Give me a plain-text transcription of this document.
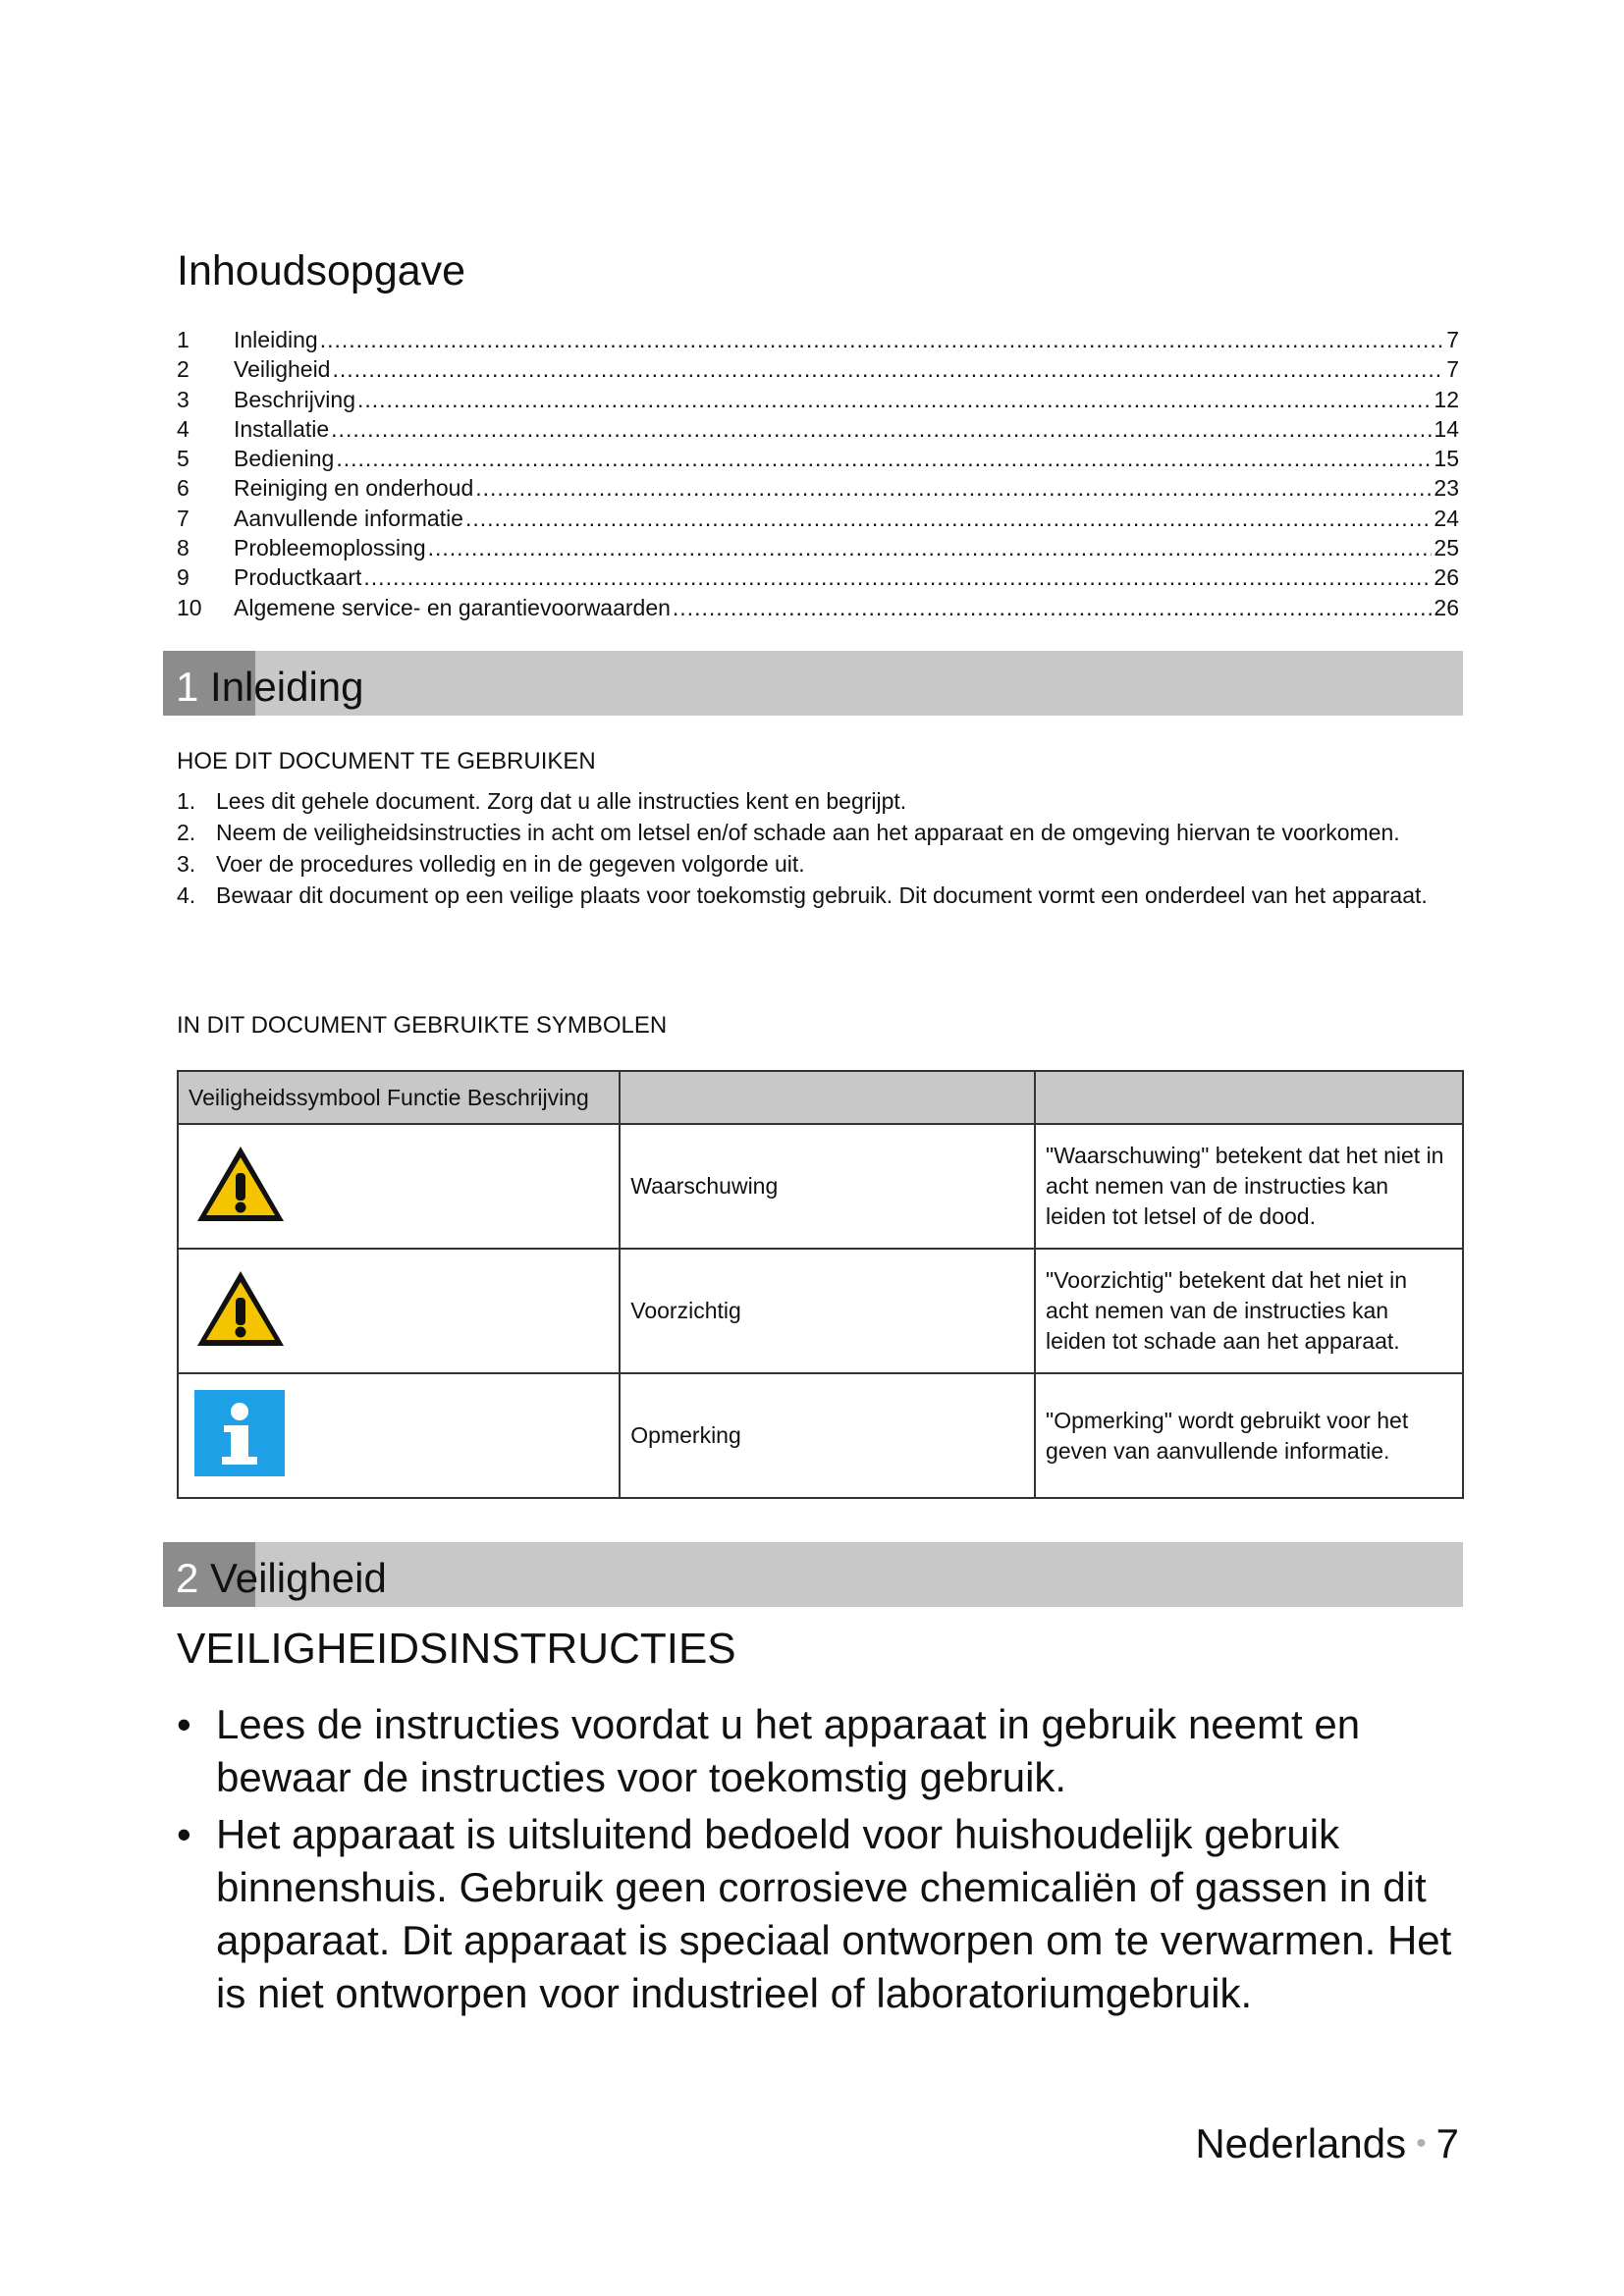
Inhoudsopgave
1	Inleiding .....	7
2	Veiligheid .....	7
3	Beschrijving .....	12
4	Installatie .....	14
5	Bediening .....	15
6	Reiniging en onderhoud .....	23
7	Aanvullende informatie .....	24
8	Probleemoplossing .....	25
9	Productkaart .....	26
10	Algemene service- en garantievoorwaarden .....	26
1 Inleiding
HOE DIT DOCUMENT TE GEBRUIKEN
1. Lees dit gehele document. Zorg dat u alle instructies kent en begrijpt.
2. Neem de veiligheidsinstructies in acht om letsel en/of schade aan het apparaat en de omgeving hiervan te voorkomen.
3. Voer de procedures volledig en in de gegeven volgorde uit.
4. Bewaar dit document op een veilige plaats voor toekomstig gebruik. Dit document vormt een onderdeel van het apparaat.
IN DIT DOCUMENT GEBRUIKTE SYMBOLEN
Veiligheidssymbool Functie Beschrijving		
	Waarschuwing	"Waarschuwing" betekent dat het niet in acht nemen van de instructies kan leiden tot letsel of de dood.
	Voorzichtig	"Voorzichtig" betekent dat het niet in acht nemen van de instructies kan leiden tot schade aan het apparaat.
	Opmerking	"Opmerking" wordt gebruikt voor het geven van aanvullende informatie.
2 Veiligheid
VEILIGHEIDSINSTRUCTIES
• Lees de instructies voordat u het apparaat in gebruik neemt en bewaar de instructies voor toekomstig gebruik.
• Het apparaat is uitsluitend bedoeld voor huishoudelijk gebruik binnenshuis. Gebruik geen corrosieve chemicaliën of gassen in dit apparaat. Dit apparaat is speciaal ontworpen om te verwarmen. Het is niet ontworpen voor industrieel of laboratoriumgebruik.
Nederlands • 7
